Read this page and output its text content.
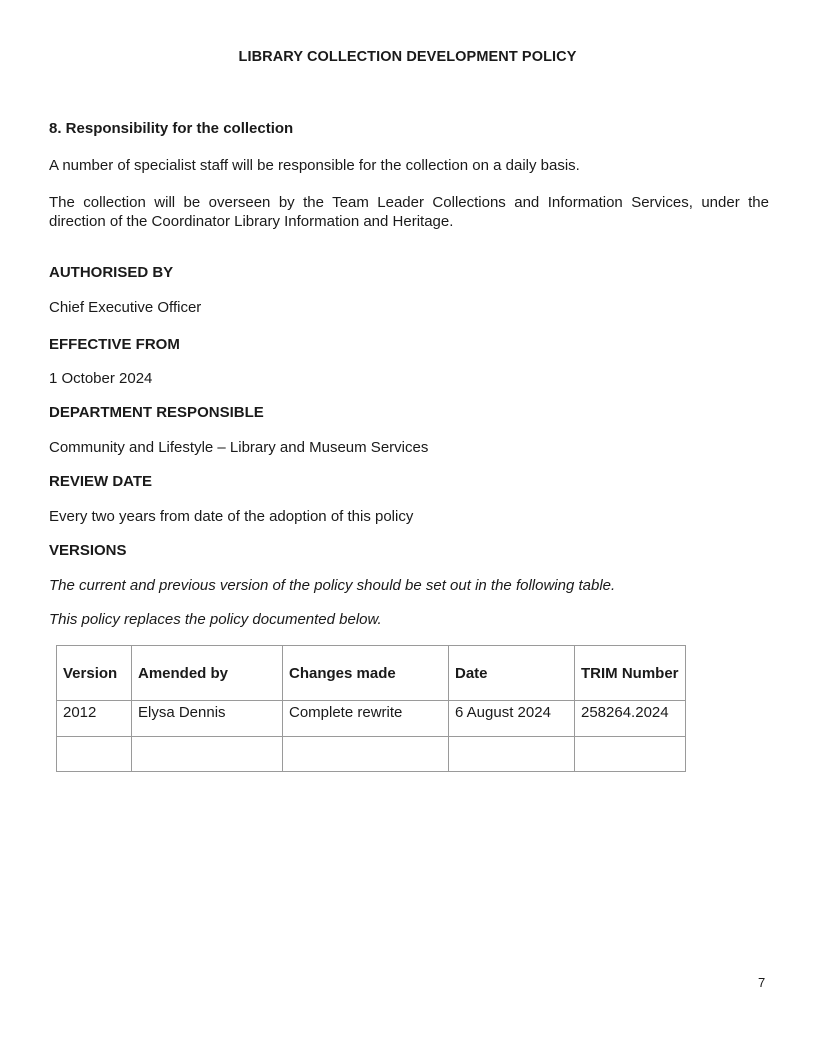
LIBRARY COLLECTION DEVELOPMENT POLICY
8. Responsibility for the collection
A number of specialist staff will be responsible for the collection on a daily basis.
The collection will be overseen by the Team Leader Collections and Information Services, under the direction of the Coordinator Library Information and Heritage.
AUTHORISED BY
Chief Executive Officer
EFFECTIVE FROM
1 October 2024
DEPARTMENT RESPONSIBLE
Community and Lifestyle – Library and Museum Services
REVIEW DATE
Every two years from date of the adoption of this policy
VERSIONS
The current and previous version of the policy should be set out in the following table.
This policy replaces the policy documented below.
Version	Amended by	Changes made	Date	TRIM Number
2012	Elysa Dennis	Complete rewrite	6 August 2024	258264.2024

7
